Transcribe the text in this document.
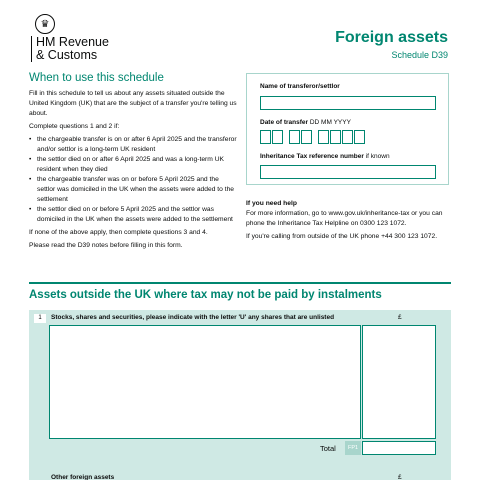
♛
HM Revenue
& Customs
Foreign assets
Schedule D39
When to use this schedule

Fill in this schedule to tell us about any assets situated outside the United Kingdom (UK) that are the subject of a transfer you're telling us about.

Complete questions 1 and 2 if:

• the chargeable transfer is on or after 6 April 2025 and the transferor and/or settlor is a long-term UK resident
• the settlor died on or after 6 April 2025 and was a long-term UK resident when they died
• the chargeable transfer was on or before 5 April 2025 and the settlor was domiciled in the UK when the assets were added to the settlement
• the settlor died on or before 5 April 2025 and the settlor was domiciled in the UK when the assets were added to the settlement

If none of the above apply, then complete questions 3 and 4.

Please read the D39 notes before filling in this form.

Name of transferor/settlor
Date of transfer DD MM YYYY
Inheritance Tax reference number if known
If you need help

For more information, go to www.gov.uk/inheritance-tax or you can phone the Inheritance Tax Helpline on 0300 123 1072.

If you're calling from outside of the UK phone +44 300 123 1072.

Assets outside the UK where tax may not be paid by instalments
1	Stocks, shares and securities, please indicate with the letter 'U' any shares that are unlisted	£
Total	FP1
Other foreign assets	£
